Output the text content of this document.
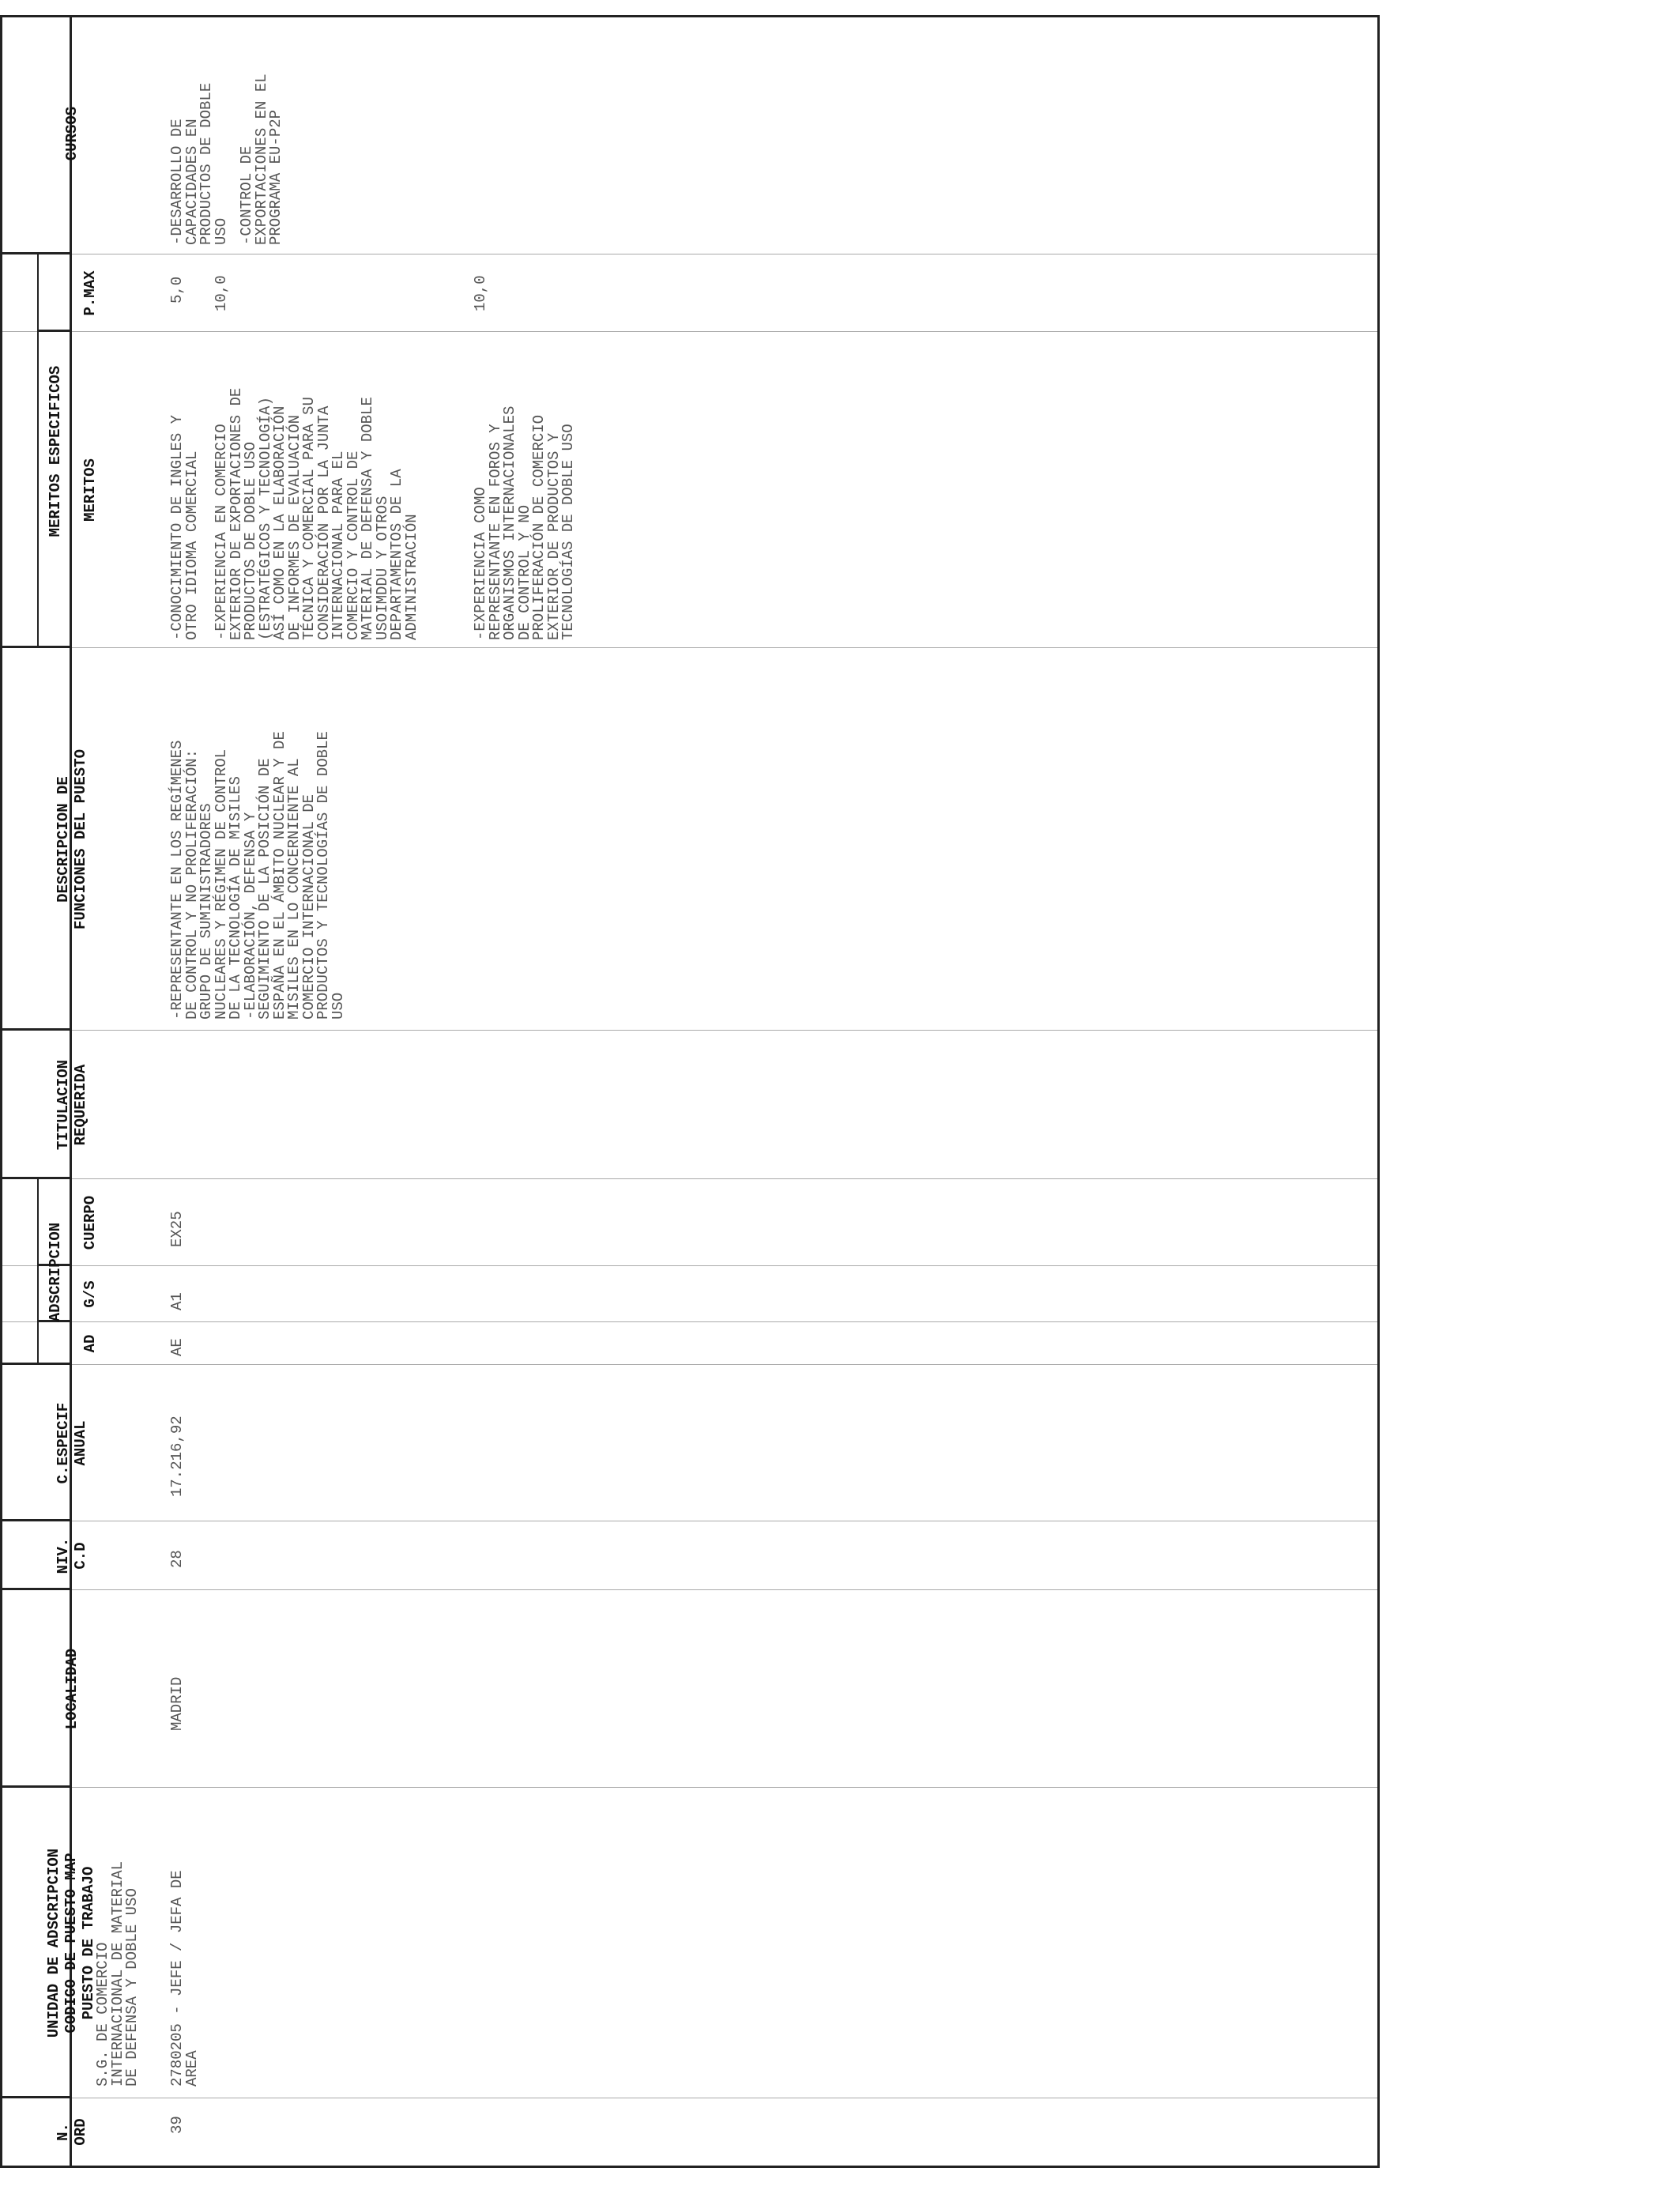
N. ORD

UNIDAD DE ADSCRIPCION CODIGO DE PUESTO MAP PUESTO DE TRABAJO

LOCALIDAD

NIV. C.D

C.ESPECIF ANUAL

ADSCRIPCION

AD

G/S

CUERPO

TITULACION REQUERIDA

DESCRIPCION DE FUNCIONES DEL PUESTO

MERITOS ESPECIFICOS

MERITOS

P.MAX

CURSOS

S.G. DE COMERCIO
INTERNACIONAL DE MATERIAL
DE DEFENSA Y DOBLE USO
39
2780205 - JEFE / JEFA DE
AREA
MADRID
28
17.216,92
AE
A1
EX25
-REPRESENTANTE EN LOS REGÍMENES
DE CONTROL Y NO PROLIFERACIÓN:
GRUPO DE SUMINISTRADORES
NUCLEARES Y RÉGIMEN DE CONTROL
DE LA TECNOLOGÍA DE MISILES
-ELABORACIÓN, DEFENSA Y
SEGUIMIENTO DE LA POSICIÓN DE
ESPAÑA EN EL ÁMBITO NUCLEAR Y DE
MISILES EN LO CONCERNIENTE AL
COMERCIO INTERNACIONAL DE
PRODUCTOS Y TECNOLOGÍAS DE DOBLE
USO
-CONOCIMIENTO DE INGLES Y
OTRO IDIOMA COMERCIAL
5,0
-EXPERIENCIA EN COMERCIO
EXTERIOR DE EXPORTACIONES DE
PRODUCTOS DE DOBLE USO
(ESTRATÉGICOS Y TECNOLOGÍA)
ASÍ COMO EN LA ELABORACIÓN
DE INFORMES DE EVALUACIÓN
TÉCNICA Y COMERCIAL PARA SU
CONSIDERACIÓN POR LA JUNTA
INTERNACIONAL PARA EL
COMERCIO Y CONTROL DE
MATERIAL DE DEFENSA Y DOBLE
USOIMDDU Y OTROS
DEPARTAMENTOS DE LA
ADMINISTRACIÓN
10,0
-EXPERIENCIA COMO
REPRESENTANTE EN FOROS Y
ORGANISMOS INTERNACIONALES
DE CONTROL Y NO
PROLIFERACIÓN DE COMERCIO
EXTERIOR DE PRODUCTOS Y
TECNOLOGÍAS DE DOBLE USO
10,0
-DESARROLLO DE
CAPACIDADES EN
PRODUCTOS DE DOBLE
USO -CONTROL DE
EXPORTACIONES EN EL
PROGRAMA EU-P2P
